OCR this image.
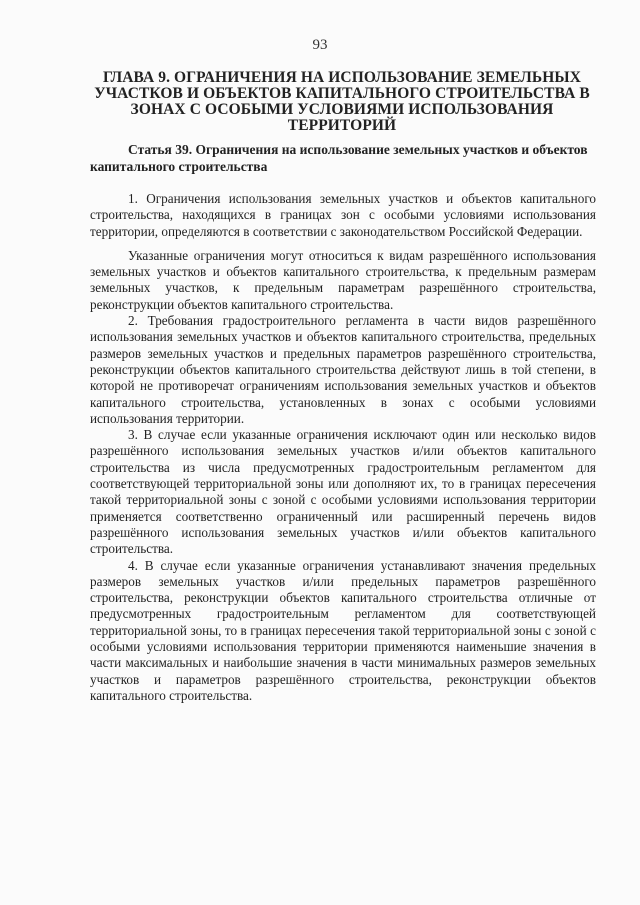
93
ГЛАВА 9. ОГРАНИЧЕНИЯ НА ИСПОЛЬЗОВАНИЕ ЗЕМЕЛЬНЫХ УЧАСТКОВ И ОБЪЕКТОВ КАПИТАЛЬНОГО СТРОИТЕЛЬСТВА В ЗОНАХ С ОСОБЫМИ УСЛОВИЯМИ ИСПОЛЬЗОВАНИЯ ТЕРРИТОРИЙ
Статья 39. Ограничения на использование земельных участков и объектов капитального строительства

1. Ограничения использования земельных участков и объектов капитального строительства, находящихся в границах зон с особыми условиями использования территории, определяются в соответствии с законодательством Российской Федерации.

Указанные ограничения могут относиться к видам разрешённого использования земельных участков и объектов капитального строительства, к предельным размерам земельных участков, к предельным параметрам разрешённого строительства, реконструкции объектов капитального строительства.

2. Требования градостроительного регламента в части видов разрешённого использования земельных участков и объектов капитального строительства, предельных размеров земельных участков и предельных параметров разрешённого строительства, реконструкции объектов капитального строительства действуют лишь в той степени, в которой не противоречат ограничениям использования земельных участков и объектов капитального строительства, установленных в зонах с особыми условиями использования территории.

3. В случае если указанные ограничения исключают один или несколько видов разрешённого использования земельных участков и/или объектов капитального строительства из числа предусмотренных градостроительным регламентом для соответствующей территориальной зоны или дополняют их, то в границах пересечения такой территориальной зоны с зоной с особыми условиями использования территории применяется соответственно ограниченный или расширенный перечень видов разрешённого использования земельных участков и/или объектов капитального строительства.

4. В случае если указанные ограничения устанавливают значения предельных размеров земельных участков и/или предельных параметров разрешённого строительства, реконструкции объектов капитального строительства отличные от предусмотренных градостроительным регламентом для соответствующей территориальной зоны, то в границах пересечения такой территориальной зоны с зоной с особыми условиями использования территории применяются наименьшие значения в части максимальных и наибольшие значения в части минимальных размеров земельных участков и параметров разрешённого строительства, реконструкции объектов капитального строительства.
